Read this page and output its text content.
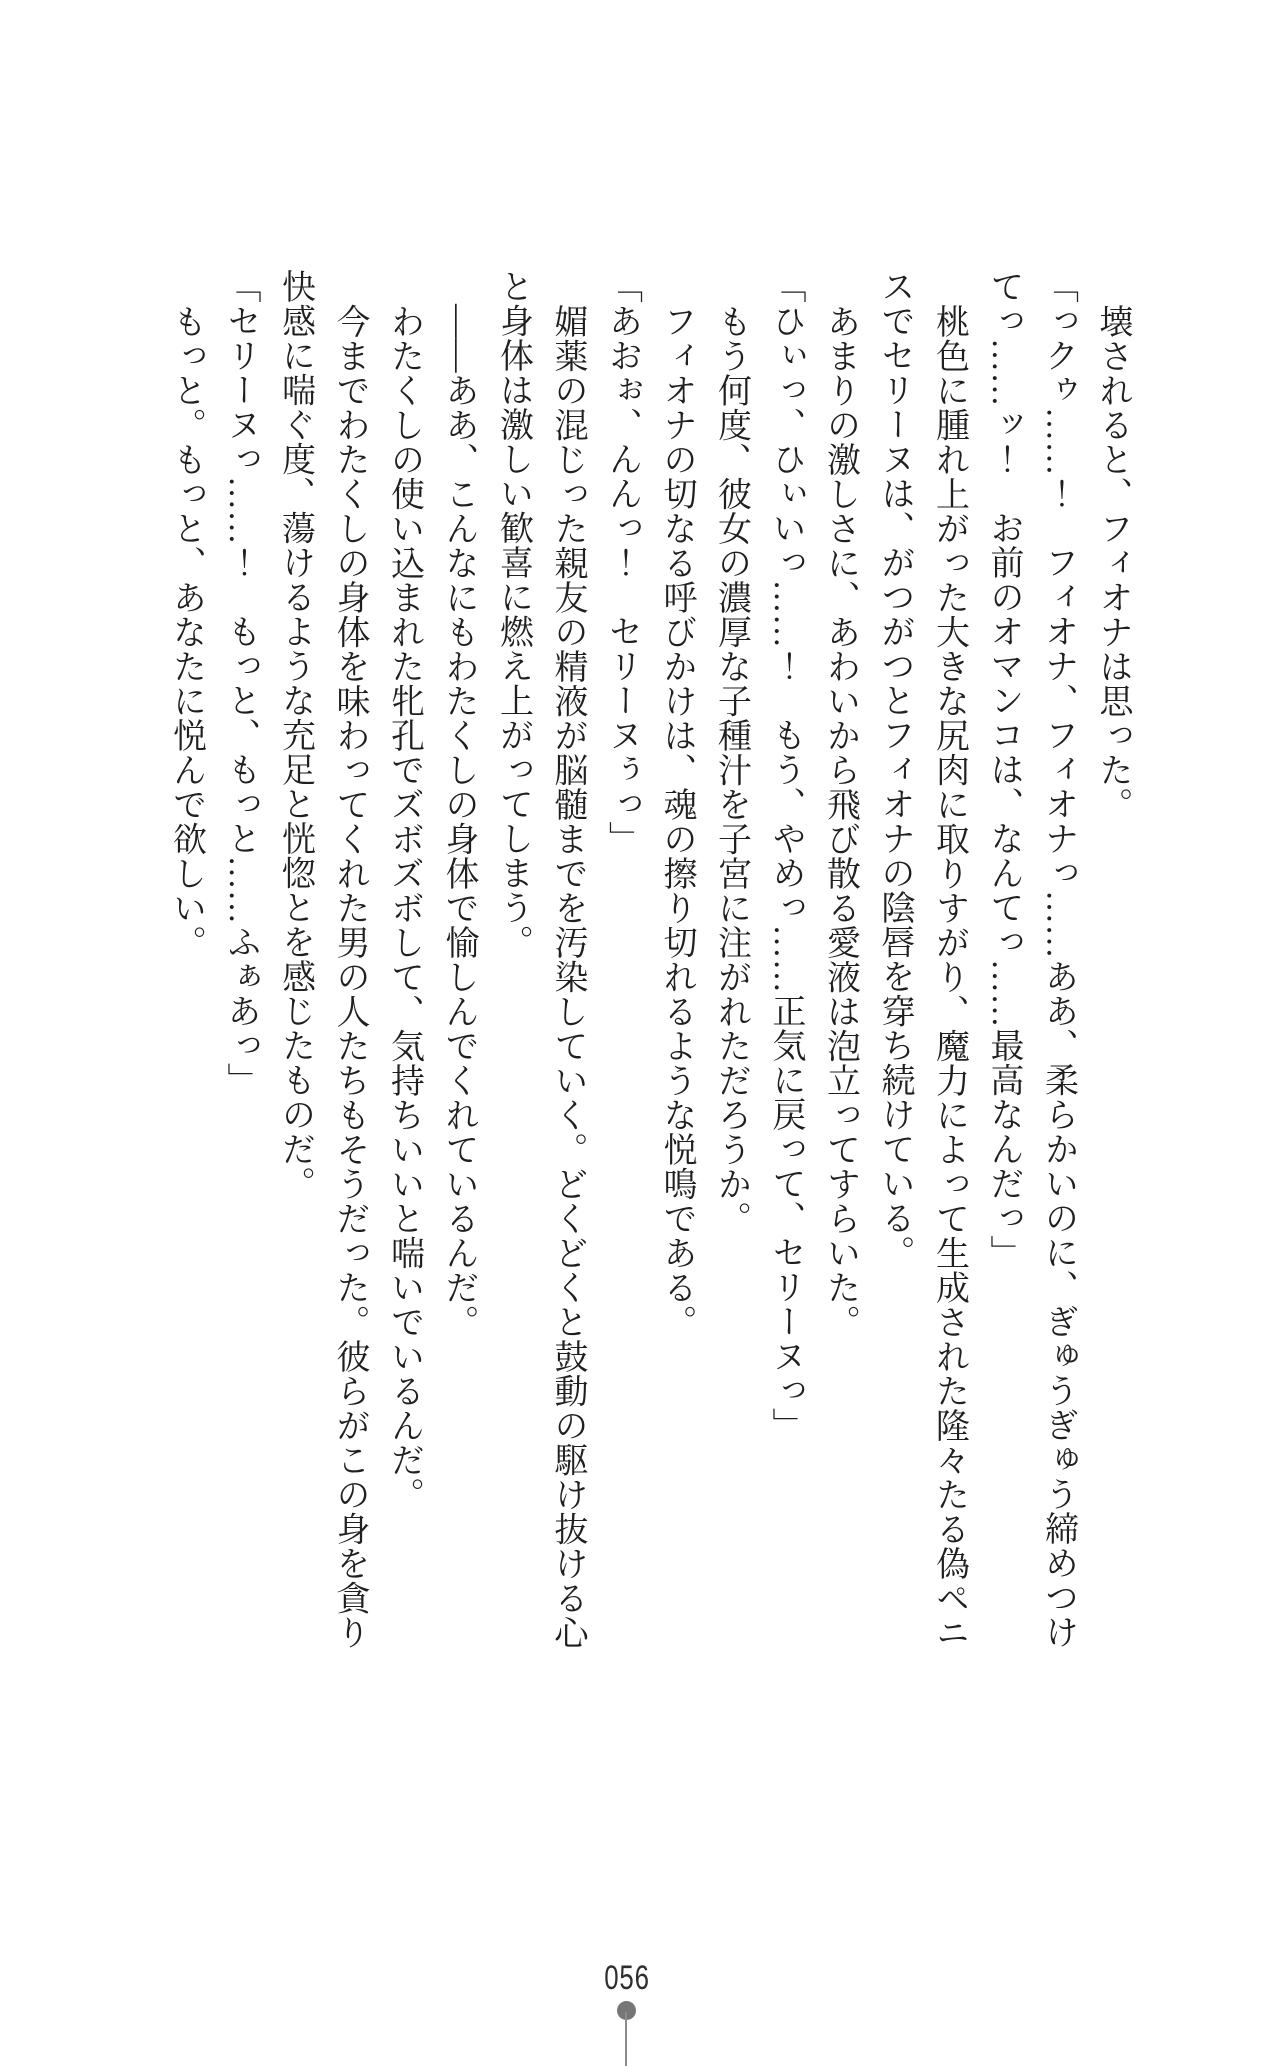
壊されると、フィオナは思った。

「っクゥ……！　フィオナ、フィオナっ……ああ、柔らかいのに、ぎゅうぎゅう締めつけ

てっ……ッ！　お前のオマンコは、なんてっ……最高なんだっ」

桃色に腫れ上がった大きな尻肉に取りすがり、魔力によって生成された隆々たる偽ペニ

スでセリーヌは、がつがつとフィオナの陰唇を穿ち続けている。

あまりの激しさに、あわいから飛び散る愛液は泡立ってすらいた。

「ひぃっ、ひぃいっ……！　もう、やめっ……正気に戻って、セリーヌっ」

もう何度、彼女の濃厚な子種汁を子宮に注がれただろうか。

フィオナの切なる呼びかけは、魂の擦り切れるような悦鳴である。

「あおぉ、んんっ！　セリーヌぅっ」

媚薬の混じった親友の精液が脳髄までを汚染していく。どくどくと鼓動の駆け抜ける心

と身体は激しい歓喜に燃え上がってしまう。

――ああ、こんなにもわたくしの身体で愉しんでくれているんだ。

わたくしの使い込まれた牝孔でズボズボして、気持ちいいと喘いでいるんだ。

今までわたくしの身体を味わってくれた男の人たちもそうだった。彼らがこの身を貪り

快感に喘ぐ度、蕩けるような充足と恍惚とを感じたものだ。

「セリーヌっ……！　もっと、もっと……ふぁあっ」

もっと。もっと、あなたに悦んで欲しい。

056
